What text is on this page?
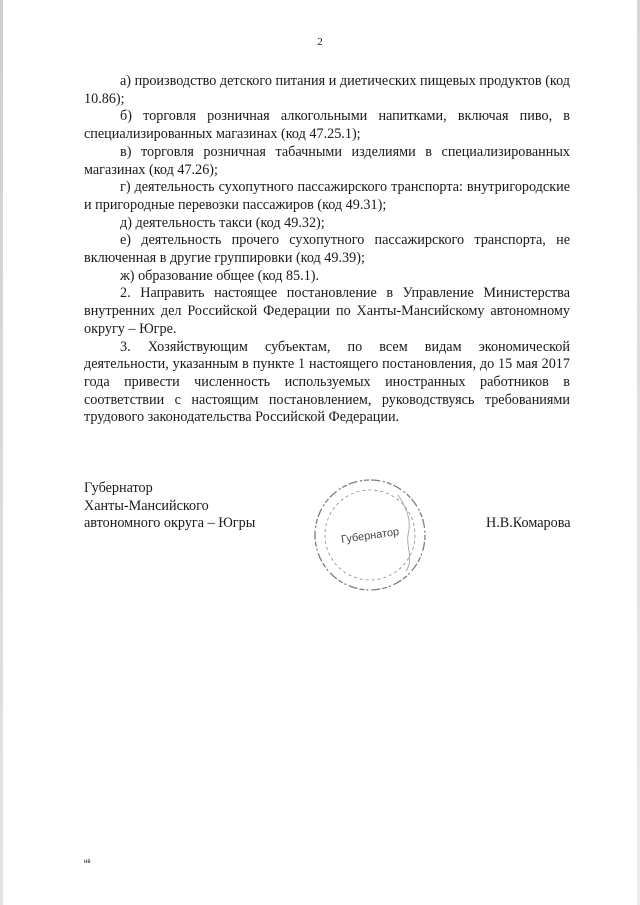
2

а) производство детского питания и диетических пищевых продуктов (код 10.86);

б) торговля розничная алкогольными напитками, включая пиво, в специализированных магазинах (код 47.25.1);

в) торговля розничная табачными изделиями в специализированных магазинах (код 47.26);

г) деятельность сухопутного пассажирского транспорта: внутригородские и пригородные перевозки пассажиров (код 49.31);

д) деятельность такси (код 49.32);

е) деятельность прочего сухопутного пассажирского транспорта, не включенная в другие группировки (код 49.39);

ж) образование общее (код 85.1).

2. Направить настоящее постановление в Управление Министерства внутренних дел Российской Федерации по Ханты-Мансийскому автономному округу – Югре.

3. Хозяйствующим субъектам, по всем видам экономической деятельности, указанным в пункте 1 настоящего постановления, до 15 мая 2017 года привести численность используемых иностранных работников в соответствии с настоящим постановлением, руководствуясь требованиями трудового законодательства Российской Федерации.

Губернатор
Ханты-Мансийского
автономного округа – Югры
Губернатор
Н.В.Комарова
нв
